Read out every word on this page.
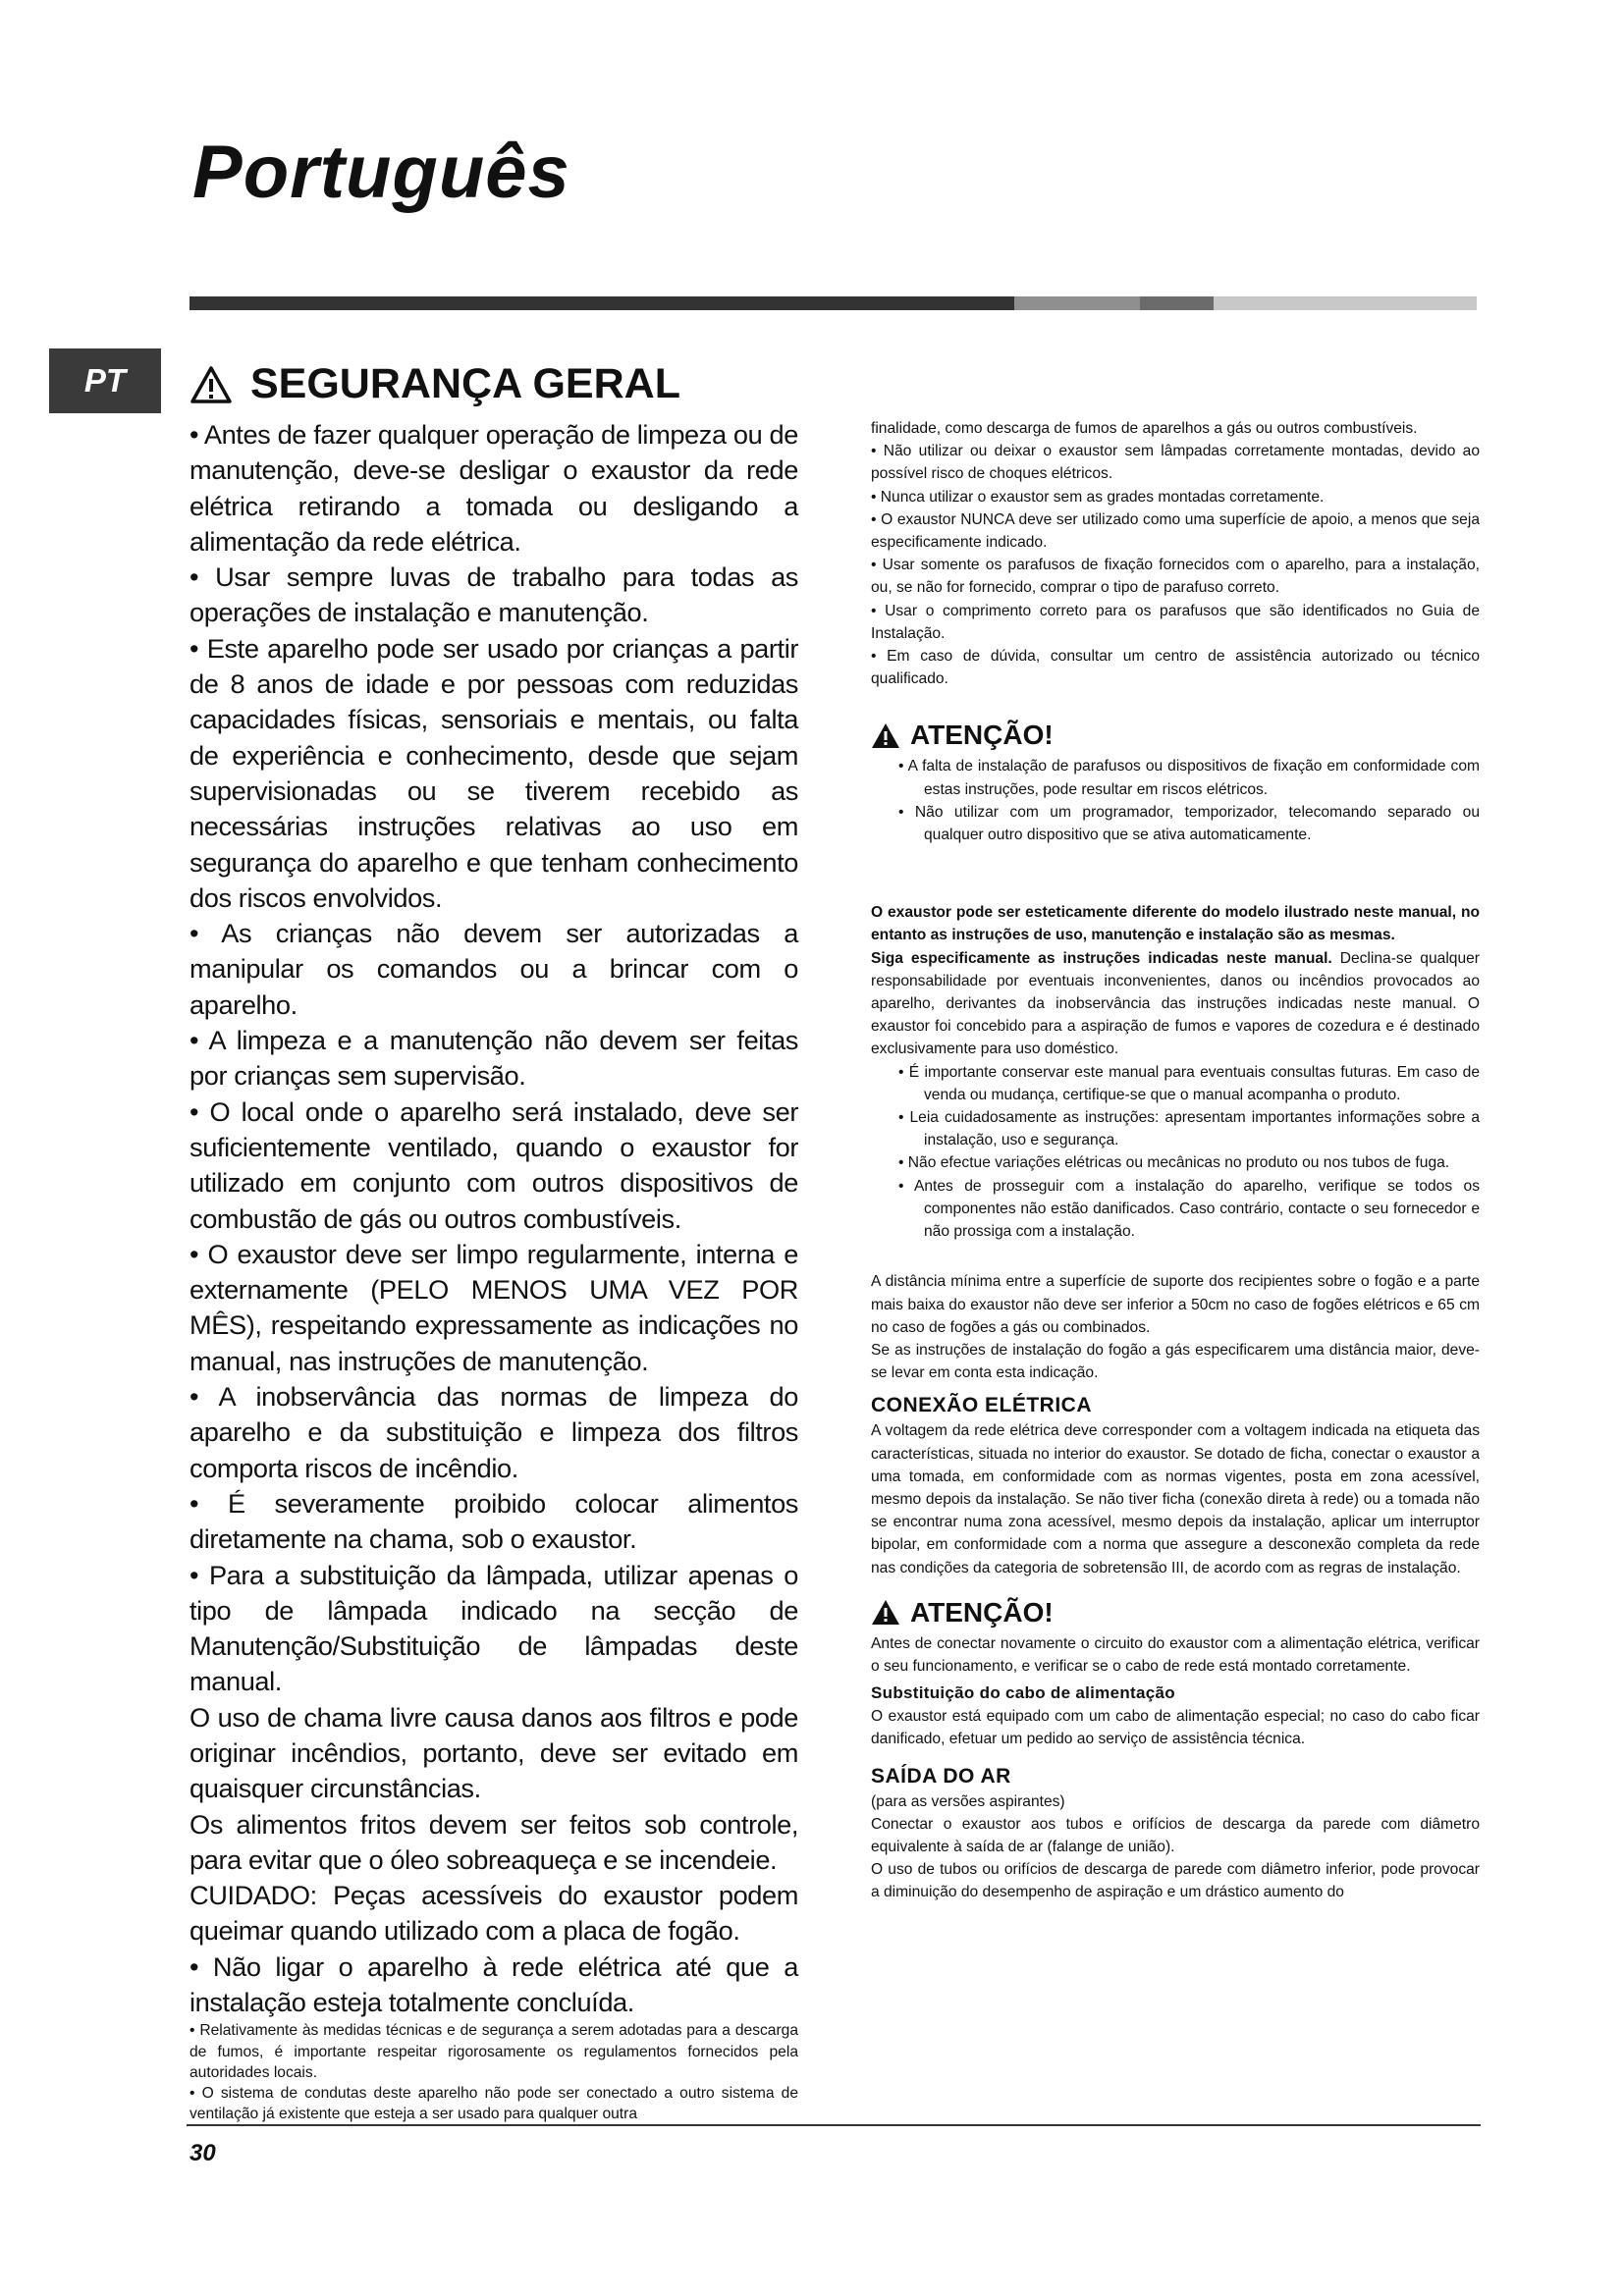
Português
PT	SEGURANÇA GERAL

• Antes de fazer qualquer operação de limpeza ou de manutenção, deve-se desligar o exaustor da rede elétrica retirando a tomada ou desligando a alimentação da rede elétrica.

• Usar sempre luvas de trabalho para todas as operações de instalação e manutenção.

• Este aparelho pode ser usado por crianças a partir de 8 anos de idade e por pessoas com reduzidas capacidades físicas, sensoriais e mentais, ou falta de experiência e conhecimento, desde que sejam supervisionadas ou se tiverem recebido as necessárias instruções relativas ao uso em segurança do aparelho e que tenham conhecimento dos riscos envolvidos.

• As crianças não devem ser autorizadas a manipular os comandos ou a brincar com o aparelho.

• A limpeza e a manutenção não devem ser feitas por crianças sem supervisão.

• O local onde o aparelho será instalado, deve ser suficientemente ventilado, quando o exaustor for utilizado em conjunto com outros dispositivos de combustão de gás ou outros combustíveis.

• O exaustor deve ser limpo regularmente, interna e externamente (PELO MENOS UMA VEZ POR MÊS), respeitando expressamente as indicações no manual, nas instruções de manutenção.

• A inobservância das normas de limpeza do aparelho e da substituição e limpeza dos filtros comporta riscos de incêndio.

• É severamente proibido colocar alimentos diretamente na chama, sob o exaustor.

• Para a substituição da lâmpada, utilizar apenas o tipo de lâmpada indicado na secção de Manutenção/Substituição de lâmpadas deste manual.

O uso de chama livre causa danos aos filtros e pode originar incêndios, portanto, deve ser evitado em quaisquer circunstâncias.

Os alimentos fritos devem ser feitos sob controle, para evitar que o óleo sobreaqueça e se incendeie.

CUIDADO: Peças acessíveis do exaustor podem queimar quando utilizado com a placa de fogão.

• Não ligar o aparelho à rede elétrica até que a instalação esteja totalmente concluída.

• Relativamente às medidas técnicas e de segurança a serem adotadas para a descarga de fumos, é importante respeitar rigorosamente os regulamentos fornecidos pela autoridades locais.

• O sistema de condutas deste aparelho não pode ser conectado a outro sistema de ventilação já existente que esteja a ser usado para qualquer outra

finalidade, como descarga de fumos de aparelhos a gás ou outros combustíveis.

• Não utilizar ou deixar o exaustor sem lâmpadas corretamente montadas, devido ao possível risco de choques elétricos.

• Nunca utilizar o exaustor sem as grades montadas corretamente.

• O exaustor NUNCA deve ser utilizado como uma superfície de apoio, a menos que seja especificamente indicado.

• Usar somente os parafusos de fixação fornecidos com o aparelho, para a instalação, ou, se não for fornecido, comprar o tipo de parafuso correto.

• Usar o comprimento correto para os parafusos que são identificados no Guia de Instalação.

• Em caso de dúvida, consultar um centro de assistência autorizado ou técnico qualificado.

ATENÇÃO!

• A falta de instalação de parafusos ou dispositivos de fixação em conformidade com estas instruções, pode resultar em riscos elétricos.

• Não utilizar com um programador, temporizador, telecomando separado ou qualquer outro dispositivo que se ativa automaticamente.

O exaustor pode ser esteticamente diferente do modelo ilustrado neste manual, no entanto as instruções de uso, manutenção e instalação são as mesmas.

Siga especificamente as instruções indicadas neste manual. Declina-se qualquer responsabilidade por eventuais inconvenientes, danos ou incêndios provocados ao aparelho, derivantes da inobservância das instruções indicadas neste manual. O exaustor foi concebido para a aspiração de fumos e vapores de cozedura e é destinado exclusivamente para uso doméstico.

• É importante conservar este manual para eventuais consultas futuras. Em caso de venda ou mudança, certifique-se que o manual acompanha o produto.

• Leia cuidadosamente as instruções: apresentam importantes informações sobre a instalação, uso e segurança.

• Não efectue variações elétricas ou mecânicas no produto ou nos tubos de fuga.

• Antes de prosseguir com a instalação do aparelho, verifique se todos os componentes não estão danificados. Caso contrário, contacte o seu fornecedor e não prossiga com a instalação.

A distância mínima entre a superfície de suporte dos recipientes sobre o fogão e a parte mais baixa do exaustor não deve ser inferior a 50cm no caso de fogões elétricos e 65 cm no caso de fogões a gás ou combinados.

Se as instruções de instalação do fogão a gás especificarem uma distância maior, deve-se levar em conta esta indicação.

CONEXÃO ELÉTRICA

A voltagem da rede elétrica deve corresponder com a voltagem indicada na etiqueta das características, situada no interior do exaustor. Se dotado de ficha, conectar o exaustor a uma tomada, em conformidade com as normas vigentes, posta em zona acessível, mesmo depois da instalação. Se não tiver ficha (conexão direta à rede) ou a tomada não se encontrar numa zona acessível, mesmo depois da instalação, aplicar um interruptor bipolar, em conformidade com a norma que assegure a desconexão completa da rede nas condições da categoria de sobretensão III, de acordo com as regras de instalação.

ATENÇÃO!

Antes de conectar novamente o circuito do exaustor com a alimentação elétrica, verificar o seu funcionamento, e verificar se o cabo de rede está montado corretamente.

Substituição do cabo de alimentação

O exaustor está equipado com um cabo de alimentação especial; no caso do cabo ficar danificado, efetuar um pedido ao serviço de assistência técnica.

SAÍDA DO AR

(para as versões aspirantes)

Conectar o exaustor aos tubos e orifícios de descarga da parede com diâmetro equivalente à saída de ar (falange de união).

O uso de tubos ou orifícios de descarga de parede com diâmetro inferior, pode provocar a diminuição do desempenho de aspiração e um drástico aumento do

30
